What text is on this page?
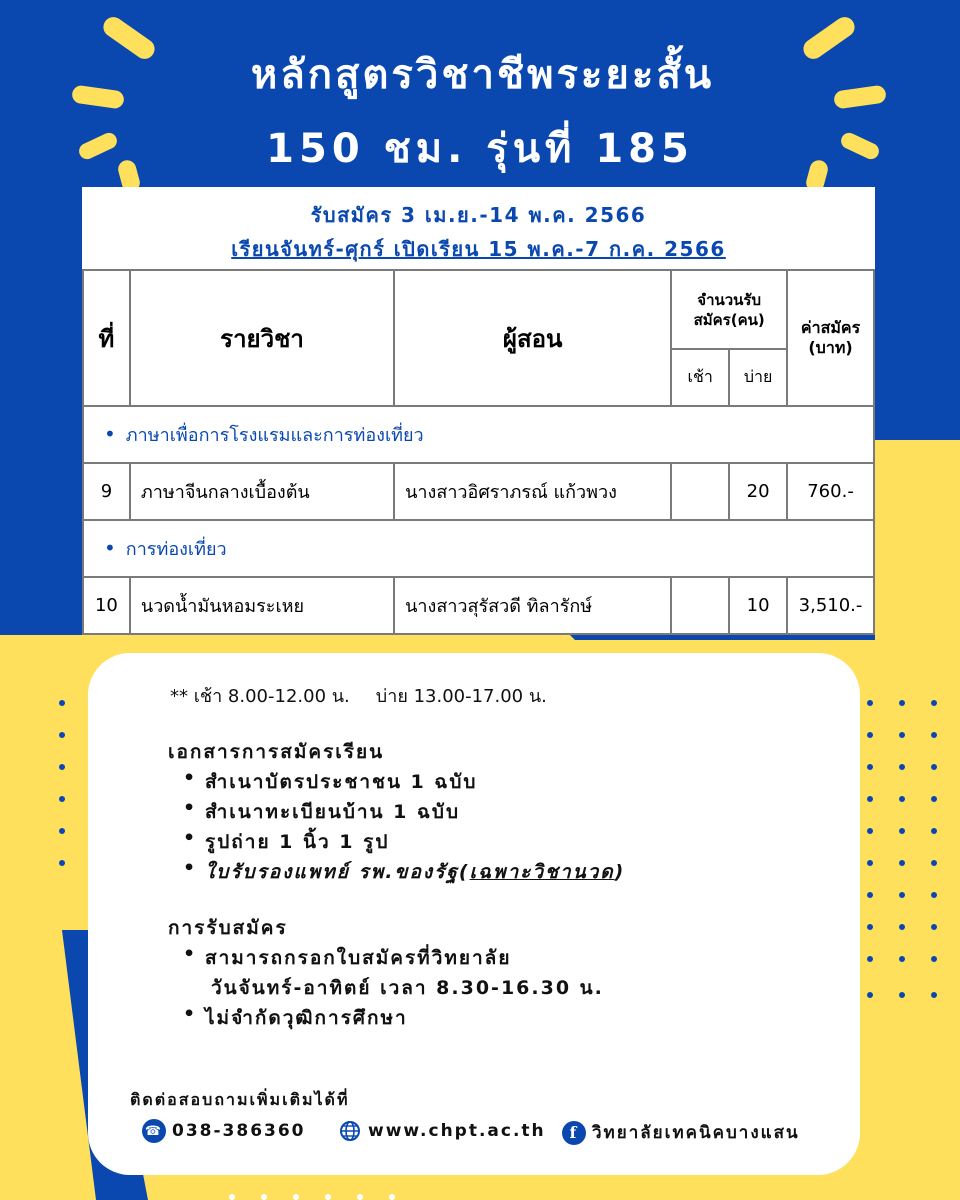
หลักสูตรวิชาชีพระยะสั้น
150 ชม. รุ่นที่ 185
รับสมัคร 3 เม.ย.-14 พ.ค. 2566
เรียนจันทร์-ศุกร์ เปิดเรียน 15 พ.ค.-7 ก.ค. 2566
ที่	รายวิชา	ผู้สอน	จำนวนรับสมัคร(คน)		ค่าสมัคร (บาท)
			เช้า	บ่าย	
• ภาษาเพื่อการโรงแรมและการท่องเที่ยว					
9	ภาษาจีนกลางเบื้องต้น	นางสาวอิศราภรณ์ แก้วพวง		20	760.-
• การท่องเที่ยว					
10	นวดน้ำมันหอมระเหย	นางสาวสุรัสวดี ทิลารักษ์		10	3,510.-
** เช้า 8.00-12.00 น. บ่าย 13.00-17.00 น.
เอกสารการสมัครเรียน
• สำเนาบัตรประชาชน 1 ฉบับ
• สำเนาทะเบียนบ้าน 1 ฉบับ
• รูปถ่าย 1 นิ้ว 1 รูป
• ใบรับรองแพทย์ รพ.ของรัฐ(เฉพาะวิชานวด)
การรับสมัคร
• สามารถกรอกใบสมัครที่วิทยาลัย
วันจันทร์-อาทิตย์ เวลา 8.30-16.30 น.
• ไม่จำกัดวุฒิการศึกษา
ติดต่อสอบถามเพิ่มเติมได้ที่
☎ 038-386360	www.chpt.ac.th	f วิทยาลัยเทคนิคบางแสน
